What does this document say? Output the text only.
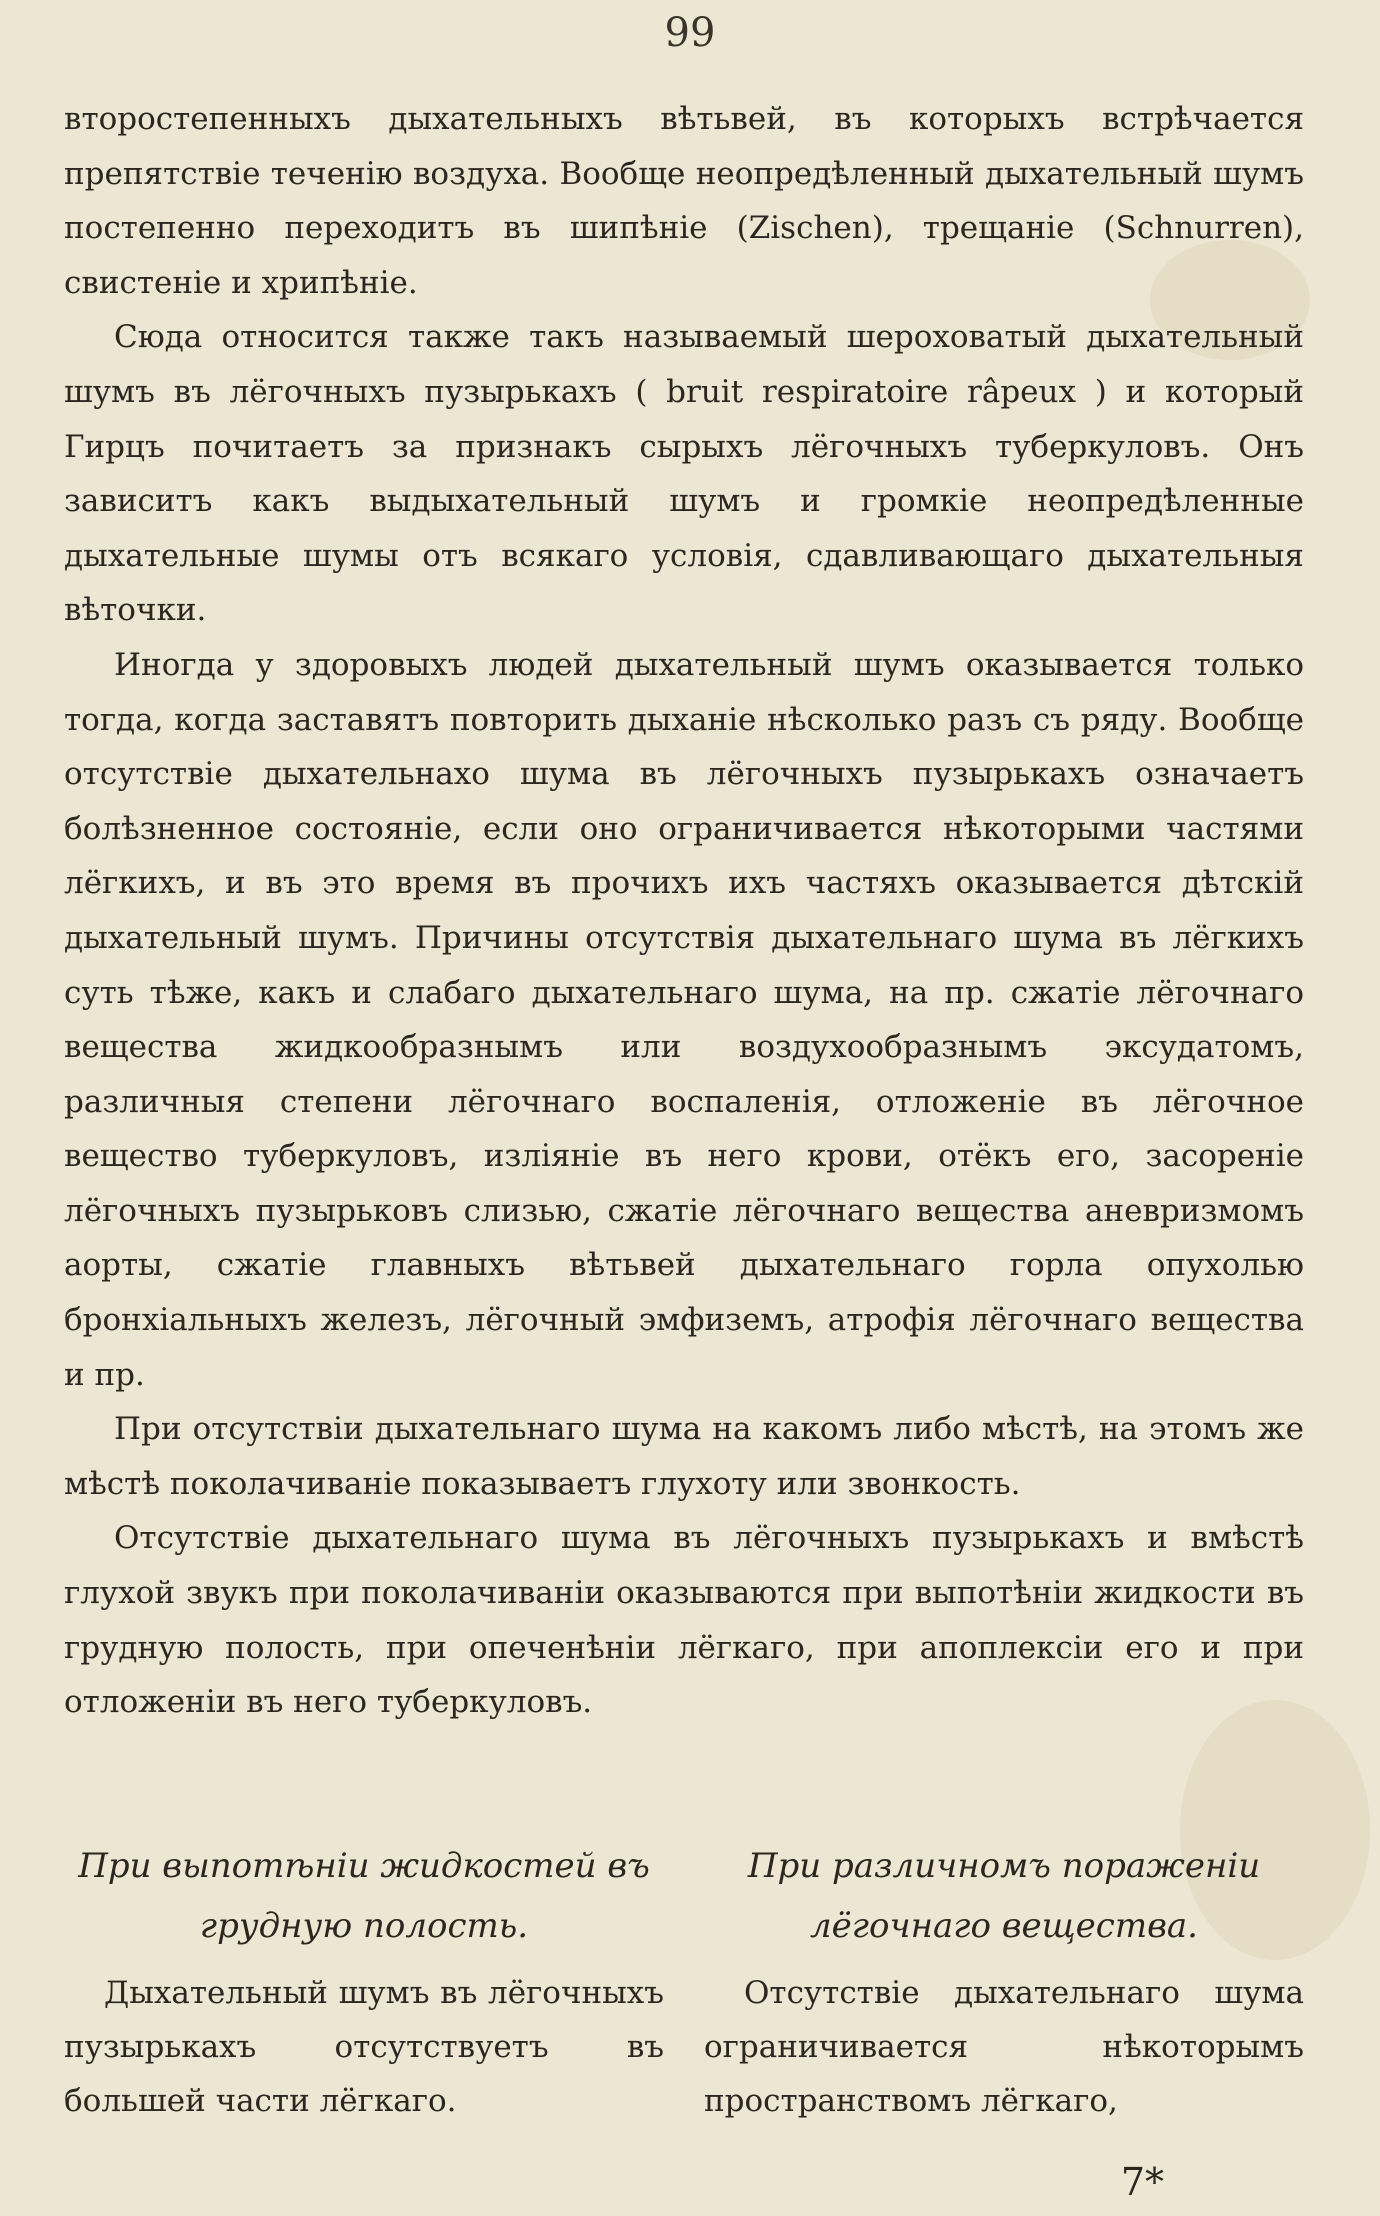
99

второстепенныхъ дыхательныхъ вѣтьвей, въ которыхъ встрѣчается препятствіе теченію воздуха. Вообще неопредѣленный дыхательный шумъ постепенно переходитъ въ шипѣніе (Zischen), трещаніе (Schnurren), свистеніе и хрипѣніе.

Сюда относится также такъ называемый шероховатый дыхательный шумъ въ лёгочныхъ пузырькахъ ( bruit respiratoire râpeux ) и который Гирцъ почитаетъ за признакъ сырыхъ лёгочныхъ туберкуловъ. Онъ зависитъ какъ выдыхательный шумъ и громкіе неопредѣленные дыхательные шумы отъ всякаго условія, сдавливающаго дыхательныя вѣточки.

Иногда у здоровыхъ людей дыхательный шумъ оказывается только тогда, когда заставятъ повторить дыханіе нѣсколько разъ съ ряду. Вообще отсутствіе дыхательнахо шума въ лёгочныхъ пузырькахъ означаетъ болѣзненное состояніе, если оно ограничивается нѣкоторыми частями лёгкихъ, и въ это время въ прочихъ ихъ частяхъ оказывается дѣтскій дыхательный шумъ. Причины отсутствія дыхательнаго шума въ лёгкихъ суть тѣже, какъ и слабаго дыхательнаго шума, на пр. сжатіе лёгочнаго вещества жидкообразнымъ или воздухообразнымъ эксудатомъ, различныя степени лёгочнаго воспаленія, отложеніе въ лёгочное вещество туберкуловъ, изліяніе въ него крови, отёкъ его, засореніе лёгочныхъ пузырьковъ слизью, сжатіе лёгочнаго вещества аневризмомъ аорты, сжатіе главныхъ вѣтьвей дыхательнаго горла опухолью бронхіальныхъ железъ, лёгочный эмфиземъ, атрофія лёгочнаго вещества и пр.

При отсутствіи дыхательнаго шума на какомъ либо мѣстѣ, на этомъ же мѣстѣ поколачиваніе показываетъ глухоту или звонкость.

Отсутствіе дыхательнаго шума въ лёгочныхъ пузырькахъ и вмѣстѣ глухой звукъ при поколачиваніи оказываются при выпотѣніи жидкости въ грудную полость, при опеченѣніи лёгкаго, при апоплексіи его и при отложеніи въ него туберкуловъ.

При выпотѣніи жидкостей въ грудную полость.

Дыхательный шумъ въ лёгочныхъ пузырькахъ отсутствуетъ въ большей части лёгкаго.

При различномъ пораженіи лёгочнаго вещества.

Отсутствіе дыхательнаго шума ограничивается нѣкоторымъ пространствомъ лёгкаго,

7*
